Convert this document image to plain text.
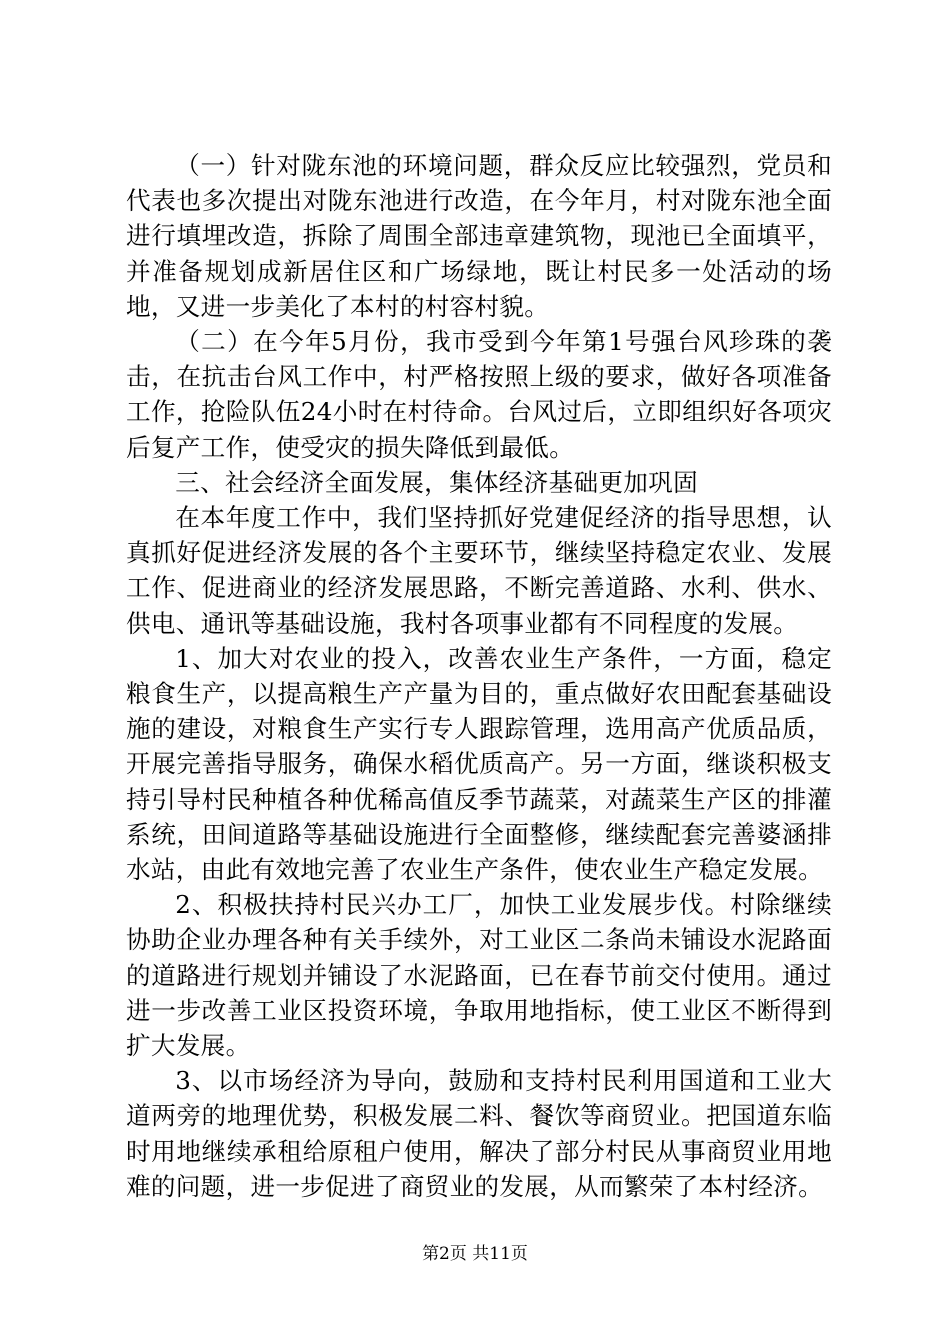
（一）针对陇东池的环境问题，群众反应比较强烈，党员和代表也多次提出对陇东池进行改造，在今年月，村对陇东池全面进行填埋改造，拆除了周围全部违章建筑物，现池已全面填平，并准备规划成新居住区和广场绿地，既让村民多一处活动的场地，又进一步美化了本村的村容村貌。

（二）在今年5月份，我市受到今年第1号强台风珍珠的袭击，在抗击台风工作中，村严格按照上级的要求，做好各项准备工作，抢险队伍24小时在村待命。台风过后，立即组织好各项灾后复产工作，使受灾的损失降低到最低。

三、社会经济全面发展，集体经济基础更加巩固

在本年度工作中，我们坚持抓好党建促经济的指导思想，认真抓好促进经济发展的各个主要环节，继续坚持稳定农业、发展工作、促进商业的经济发展思路，不断完善道路、水利、供水、供电、通讯等基础设施，我村各项事业都有不同程度的发展。

1、加大对农业的投入，改善农业生产条件，一方面，稳定粮食生产，以提高粮生产产量为目的，重点做好农田配套基础设施的建设，对粮食生产实行专人跟踪管理，选用高产优质品质，开展完善指导服务，确保水稻优质高产。另一方面，继谈积极支持引导村民种植各种优稀高值反季节蔬菜，对蔬菜生产区的排灌系统，田间道路等基础设施进行全面整修，继续配套完善婆涵排水站，由此有效地完善了农业生产条件，使农业生产稳定发展。

2、积极扶持村民兴办工厂，加快工业发展步伐。村除继续协助企业办理各种有关手续外，对工业区二条尚未铺设水泥路面的道路进行规划并铺设了水泥路面，已在春节前交付使用。通过进一步改善工业区投资环境，争取用地指标，使工业区不断得到扩大发展。

3、以市场经济为导向，鼓励和支持村民利用国道和工业大道两旁的地理优势，积极发展二料、餐饮等商贸业。把国道东临时用地继续承租给原租户使用，解决了部分村民从事商贸业用地难的问题，进一步促进了商贸业的发展，从而繁荣了本村经济。

第2页 共11页
